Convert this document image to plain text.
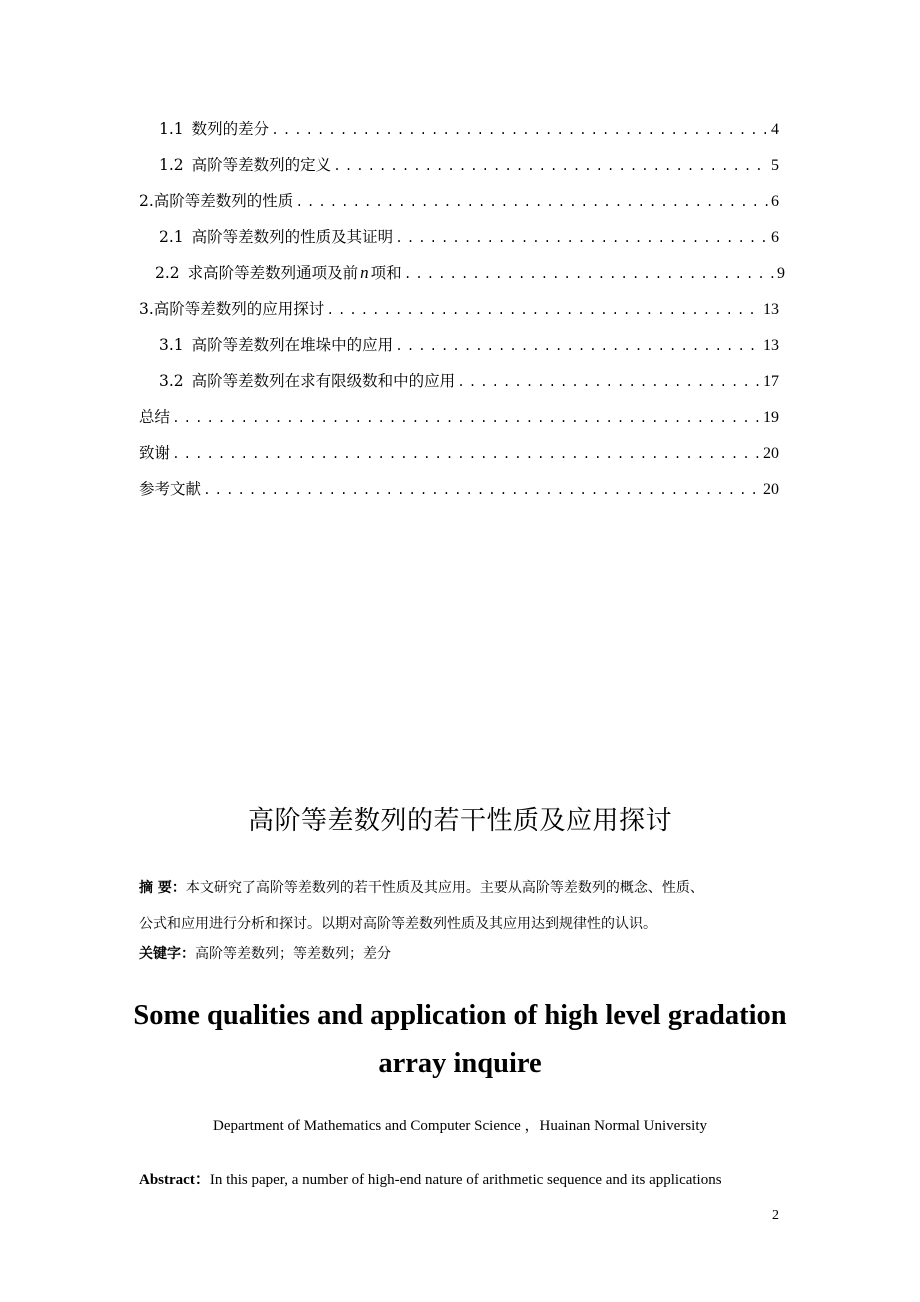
1.1 数列的差分 .....	4
1.2 高阶等差数列的定义 .....	5
2.高阶等差数列的性质 .....	6
2.1 高阶等差数列的性质及其证明 .....	6
2.2 求高阶等差数列通项及前 n 项和 .....	9
3.高阶等差数列的应用探讨 .....	13
3.1 高阶等差数列在堆垛中的应用 .....	13
3.2 高阶等差数列在求有限级数和中的应用 .....	17
总结 .....	19
致谢 .....	20
参考文献 .....	20
高阶等差数列的若干性质及应用探讨
摘 要：本文研究了高阶等差数列的若干性质及其应用。主要从高阶等差数列的概念、性质、
公式和应用进行分析和探讨。以期对高阶等差数列性质及其应用达到规律性的认识。
关键字：高阶等差数列；等差数列；差分
Some qualities and application of high level gradation
array inquire
Department of Mathematics and Computer Science ，Huainan Normal University
Abstract：In this paper, a number of high-end nature of arithmetic sequence and its applications
2
